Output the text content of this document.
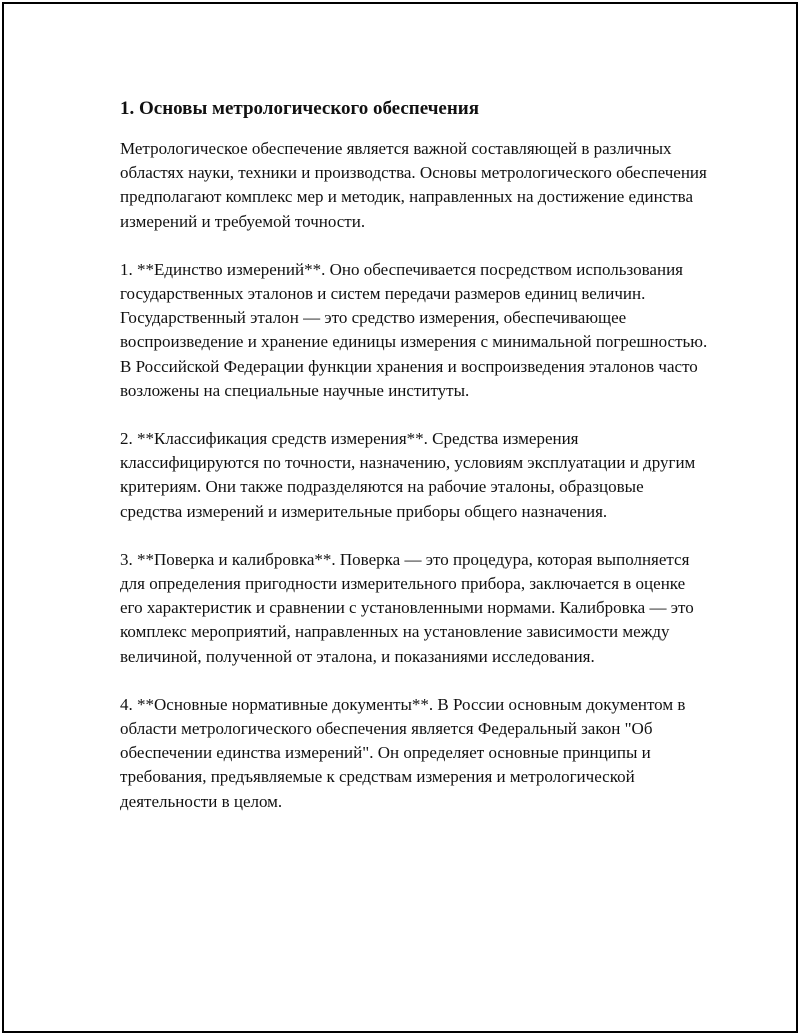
1. Основы метрологического обеспечения

Метрологическое обеспечение является важной составляющей в различных областях науки, техники и производства. Основы метрологического обеспечения предполагают комплекс мер и методик, направленных на достижение единства измерений и требуемой точности.

1. **Единство измерений**. Оно обеспечивается посредством использования государственных эталонов и систем передачи размеров единиц величин. Государственный эталон — это средство измерения, обеспечивающее воспроизведение и хранение единицы измерения с минимальной погрешностью. В Российской Федерации функции хранения и воспроизведения эталонов часто возложены на специальные научные институты.

2. **Классификация средств измерения**. Средства измерения классифицируются по точности, назначению, условиям эксплуатации и другим критериям. Они также подразделяются на рабочие эталоны, образцовые средства измерений и измерительные приборы общего назначения.

3. **Поверка и калибровка**. Поверка — это процедура, которая выполняется для определения пригодности измерительного прибора, заключается в оценке его характеристик и сравнении с установленными нормами. Калибровка — это комплекс мероприятий, направленных на установление зависимости между величиной, полученной от эталона, и показаниями исследования.

4. **Основные нормативные документы**. В России основным документом в области метрологического обеспечения является Федеральный закон "Об обеспечении единства измерений". Он определяет основные принципы и требования, предъявляемые к средствам измерения и метрологической деятельности в целом.
